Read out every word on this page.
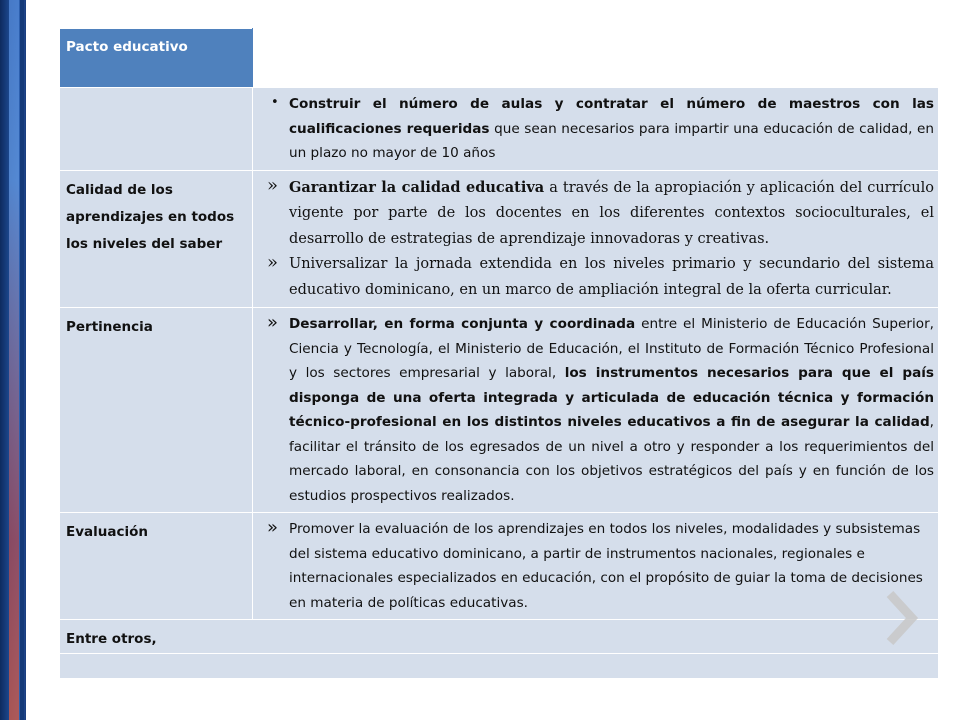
Pacto educativo	

	• Construir el número de aulas y contratar el número de maestros con las cualificaciones requeridas que sean necesarios para impartir una educación de calidad, en un plazo no mayor de 10 años

Calidad de los aprendizajes en todos los niveles del saber	» Garantizar la calidad educativa a través de la apropiación y aplicación del currículo vigente por parte de los docentes en los diferentes contextos socioculturales, el desarrollo de estrategias de aprendizaje innovadoras y creativas.
» Universalizar la jornada extendida en los niveles primario y secundario del sistema educativo dominicano, en un marco de ampliación integral de la oferta curricular.

Pertinencia	» Desarrollar, en forma conjunta y coordinada entre el Ministerio de Educación Superior, Ciencia y Tecnología, el Ministerio de Educación, el Instituto de Formación Técnico Profesional y los sectores empresarial y laboral, los instrumentos necesarios para que el país disponga de una oferta integrada y articulada de educación técnica y formación técnico-profesional en los distintos niveles educativos a fin de asegurar la calidad, facilitar el tránsito de los egresados de un nivel a otro y responder a los requerimientos del mercado laboral, en consonancia con los objetivos estratégicos del país y en función de los estudios prospectivos realizados.

Evaluación	» Promover la evaluación de los aprendizajes en todos los niveles, modalidades y subsistemas del sistema educativo dominicano, a partir de instrumentos nacionales, regionales e internacionales especializados en educación, con el propósito de guiar la toma de decisiones en materia de políticas educativas.

Entre otros,	
